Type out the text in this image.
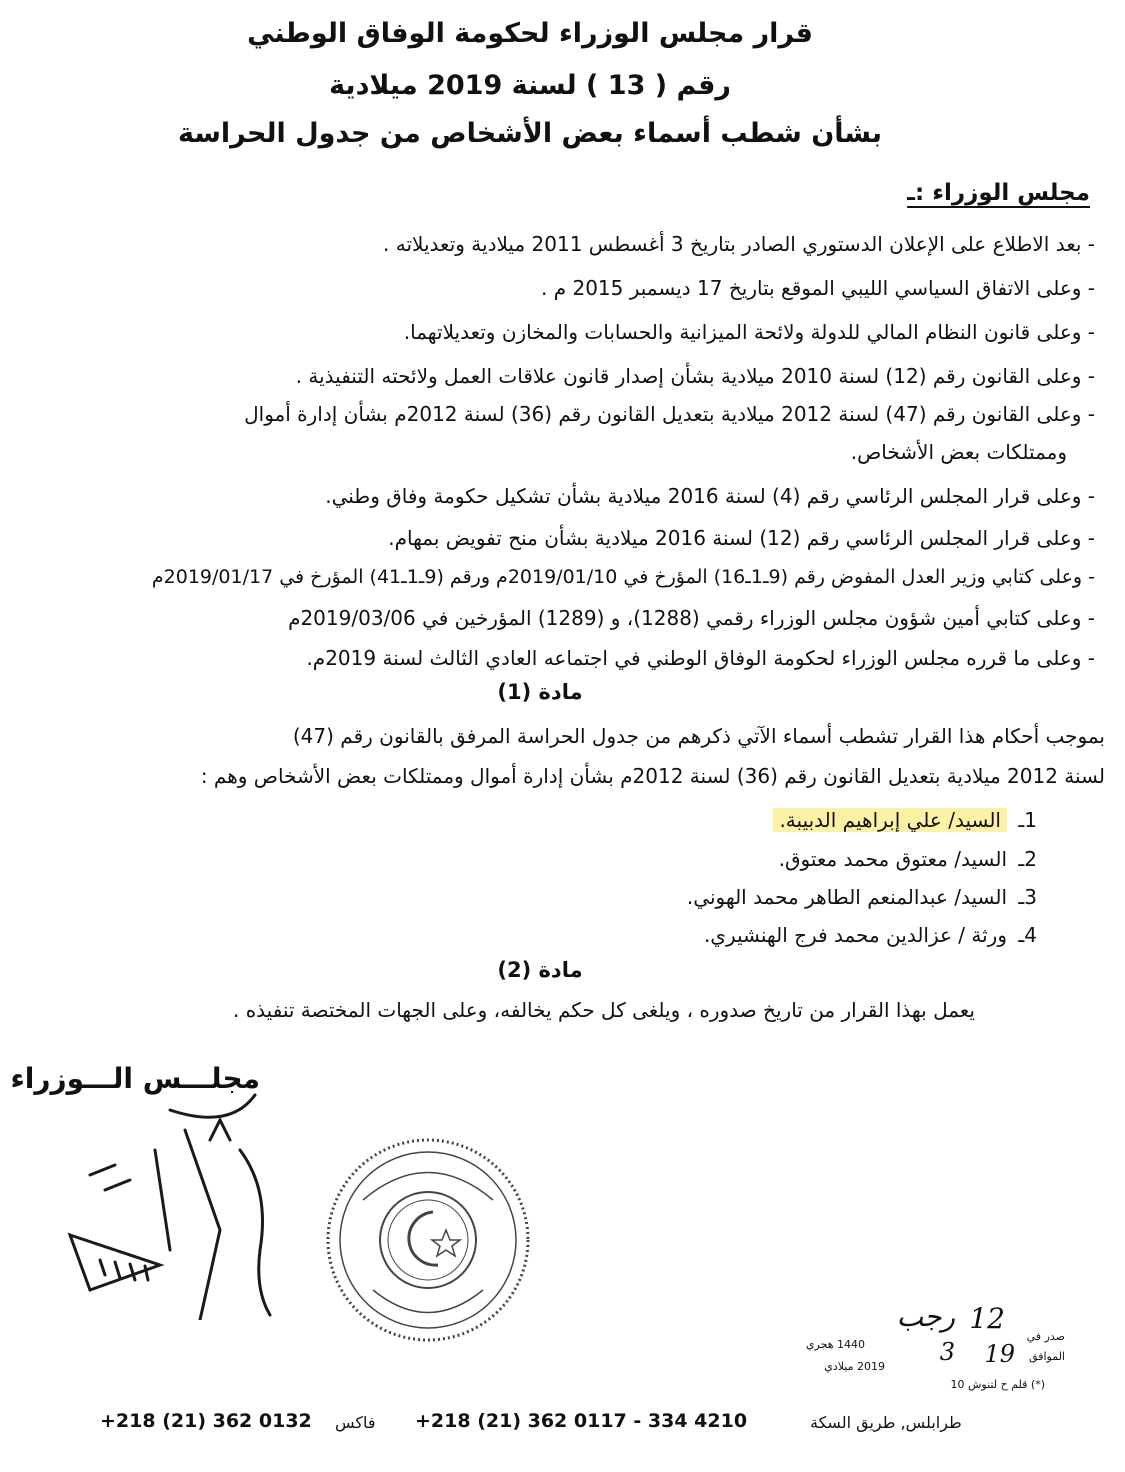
قرار مجلس الوزراء لحكومة الوفاق الوطني
رقم ( 13 ) لسنة 2019 ميلادية
بشأن شطب أسماء بعض الأشخاص من جدول الحراسة
مجلس الوزراء :ـ
- بعد الاطلاع على الإعلان الدستوري الصادر بتاريخ 3 أغسطس 2011 ميلادية وتعديلاته .
- وعلى الاتفاق السياسي الليبي الموقع بتاريخ 17 ديسمبر 2015 م .
- وعلى قانون النظام المالي للدولة ولائحة الميزانية والحسابات والمخازن وتعديلاتهما.
- وعلى القانون رقم (12) لسنة 2010 ميلادية بشأن إصدار قانون علاقات العمل ولائحته التنفيذية .
- وعلى القانون رقم (47) لسنة 2012 ميلادية بتعديل القانون رقم (36) لسنة 2012م بشأن إدارة أموال
وممتلكات بعض الأشخاص.
- وعلى قرار المجلس الرئاسي رقم (4) لسنة 2016 ميلادية بشأن تشكيل حكومة وفاق وطني.
- وعلى قرار المجلس الرئاسي رقم (12) لسنة 2016 ميلادية بشأن منح تفويض بمهام.
- وعلى كتابي وزير العدل المفوض رقم (9ـ1ـ16) المؤرخ في 2019/01/10م ورقم (9ـ1ـ41) المؤرخ في 2019/01/17م
- وعلى كتابي أمين شؤون مجلس الوزراء رقمي (1288)، و (1289) المؤرخين في 2019/03/06م
- وعلى ما قرره مجلس الوزراء لحكومة الوفاق الوطني في اجتماعه العادي الثالث لسنة 2019م.
مادة (1)
بموجب أحكام هذا القرار تشطب أسماء الآتي ذكرهم من جدول الحراسة المرفق بالقانون رقم (47)
لسنة 2012 ميلادية بتعديل القانون رقم (36) لسنة 2012م بشأن إدارة أموال وممتلكات بعض الأشخاص وهم :
1ـ
السيد/ علي إبراهيم الدبيبة.
2ـ
السيد/ معتوق محمد معتوق.
3ـ
السيد/ عبدالمنعم الطاهر محمد الهوني.
4ـ
ورثة / عزالدين محمد فرج الهنشيري.
مادة (2)
يعمل بهذا القرار من تاريخ صدوره ، ويلغى كل حكم يخالفه، وعلى الجهات المختصة تنفيذه .
مجلـــس الـــوزراء
12
رجب
صدر في
1440 هجري
الموافق
19
3
2019 ميلادي
(*) قلم ح لتنوش 10
+218 (21) 362 0132 فاكس +218 (21) 362 0117 - 334 4210	طرابلس, طريق السكة
